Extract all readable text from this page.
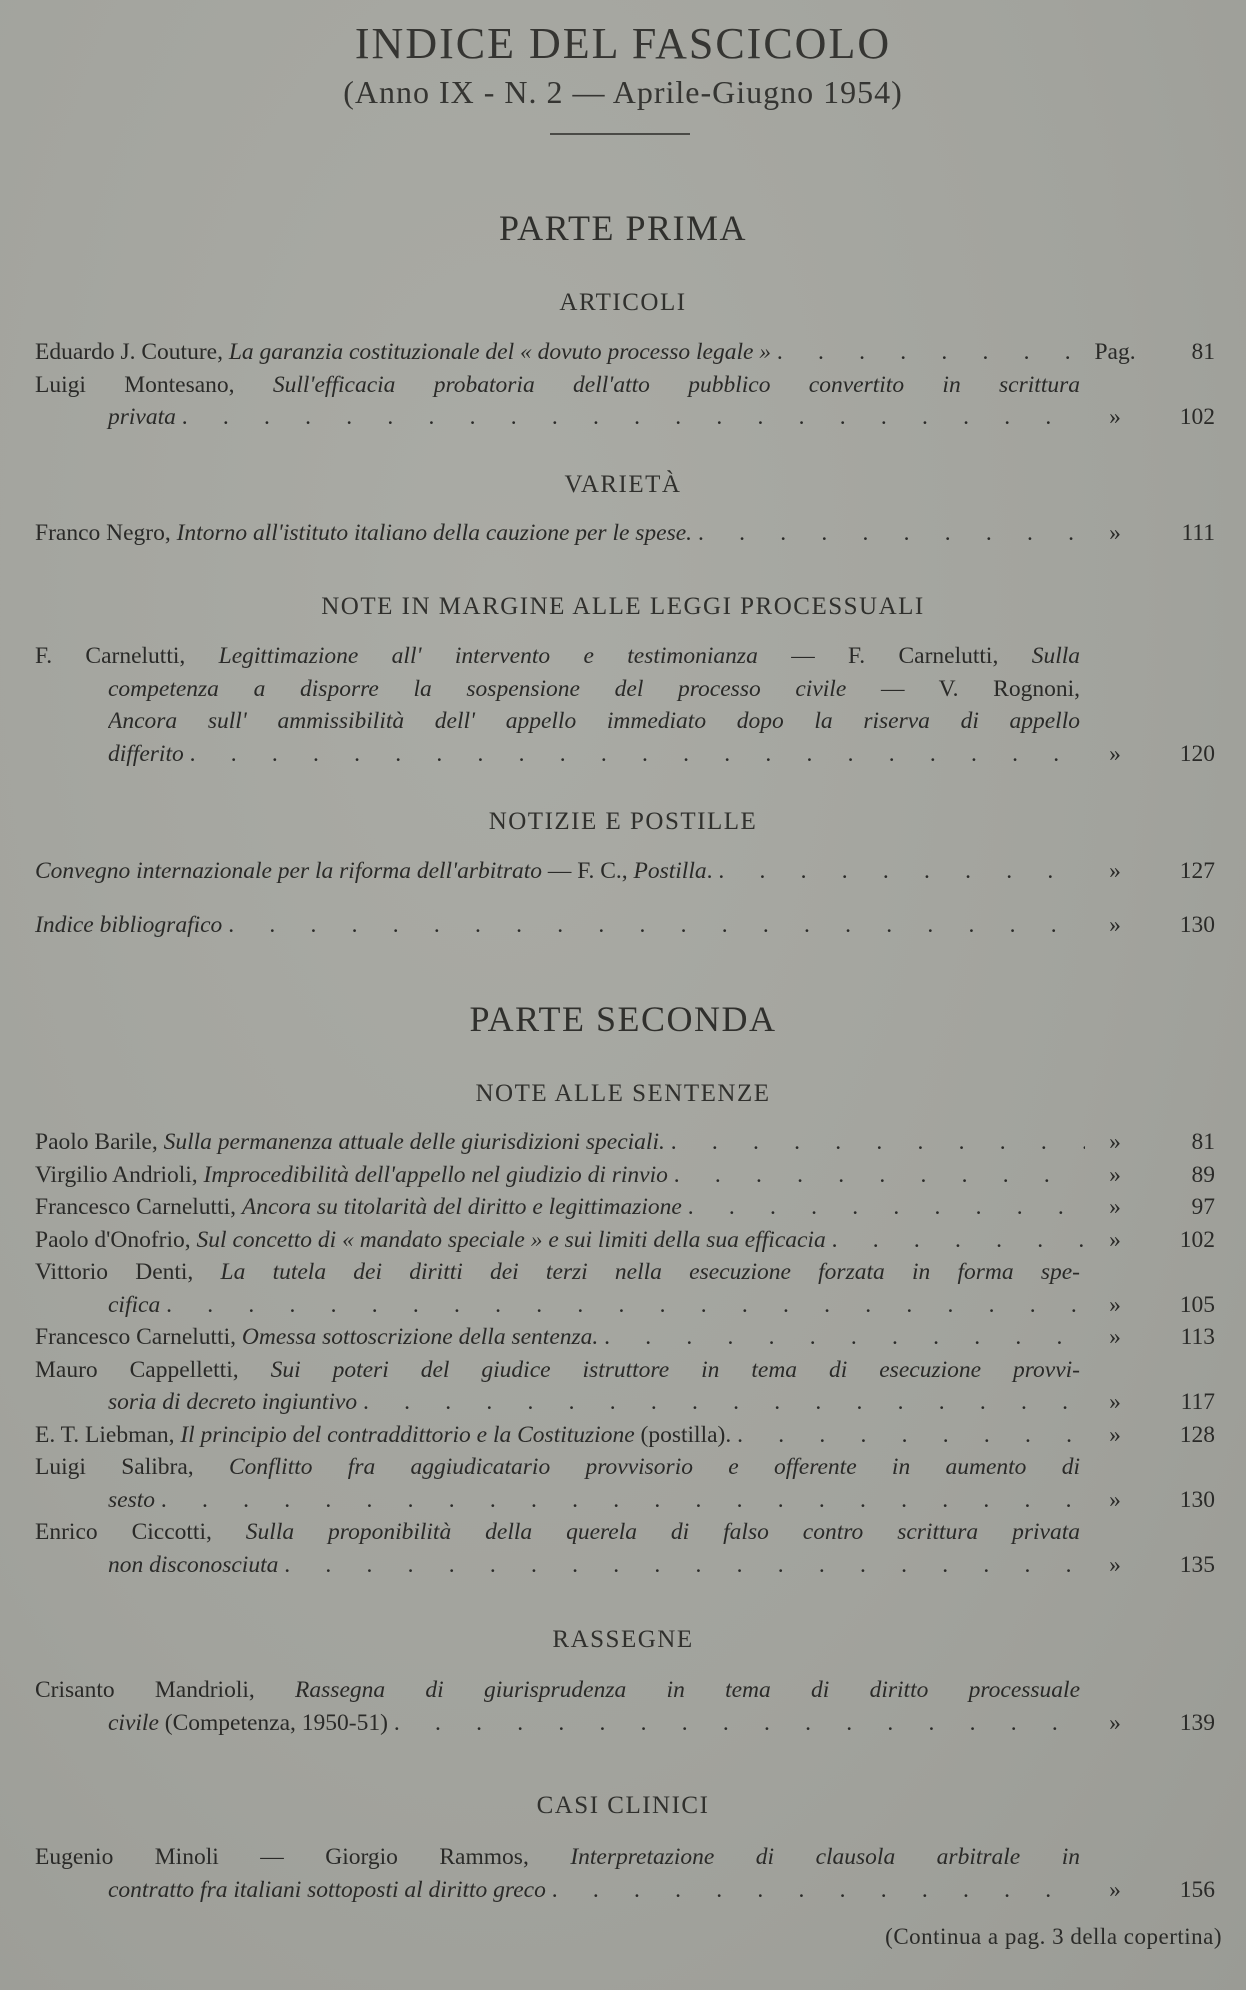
INDICE DEL FASCICOLO
(Anno IX - N. 2 — Aprile-Giugno 1954)
PARTE PRIMA
ARTICOLI
Eduardo J. Couture, La garanzia costituzionale del « dovuto processo legale » .	Pag.	81
Luigi Montesano, Sull'efficacia probatoria dell'atto pubblico convertito in scrittura
privata .	»	102
VARIETÀ
Franco Negro, Intorno all'istituto italiano della cauzione per le spese. .	»	111
NOTE IN MARGINE ALLE LEGGI PROCESSUALI
F. Carnelutti, Legittimazione all' intervento e testimonianza — F. Carnelutti, Sulla
competenza a disporre la sospensione del processo civile — V. Rognoni,
Ancora sull' ammissibilità dell' appello immediato dopo la riserva di appello
differito .	»	120
NOTIZIE E POSTILLE
Convegno internazionale per la riforma dell'arbitrato — F. C., Postilla. .	»	127
Indice bibliografico .	»	130
PARTE SECONDA
NOTE ALLE SENTENZE
Paolo Barile, Sulla permanenza attuale delle giurisdizioni speciali. .	»	81
Virgilio Andrioli, Improcedibilità dell'appello nel giudizio di rinvio .	»	89
Francesco Carnelutti, Ancora su titolarità del diritto e legittimazione .	»	97
Paolo d'Onofrio, Sul concetto di « mandato speciale » e sui limiti della sua efficacia .	»	102
Vittorio Denti, La tutela dei diritti dei terzi nella esecuzione forzata in forma spe-
cifica .	»	105
Francesco Carnelutti, Omessa sottoscrizione della sentenza. .	»	113
Mauro Cappelletti, Sui poteri del giudice istruttore in tema di esecuzione provvi-
soria di decreto ingiuntivo .	»	117
E. T. Liebman, Il principio del contraddittorio e la Costituzione (postilla). .	»	128
Luigi Salibra, Conflitto fra aggiudicatario provvisorio e offerente in aumento di
sesto .	»	130
Enrico Ciccotti, Sulla proponibilità della querela di falso contro scrittura privata
non disconosciuta .	»	135
RASSEGNE
Crisanto Mandrioli, Rassegna di giurisprudenza in tema di diritto processuale
civile (Competenza, 1950-51) .	»	139
CASI CLINICI
Eugenio Minoli — Giorgio Rammos, Interpretazione di clausola arbitrale in
contratto fra italiani sottoposti al diritto greco .	»	156
(Continua a pag. 3 della copertina)
